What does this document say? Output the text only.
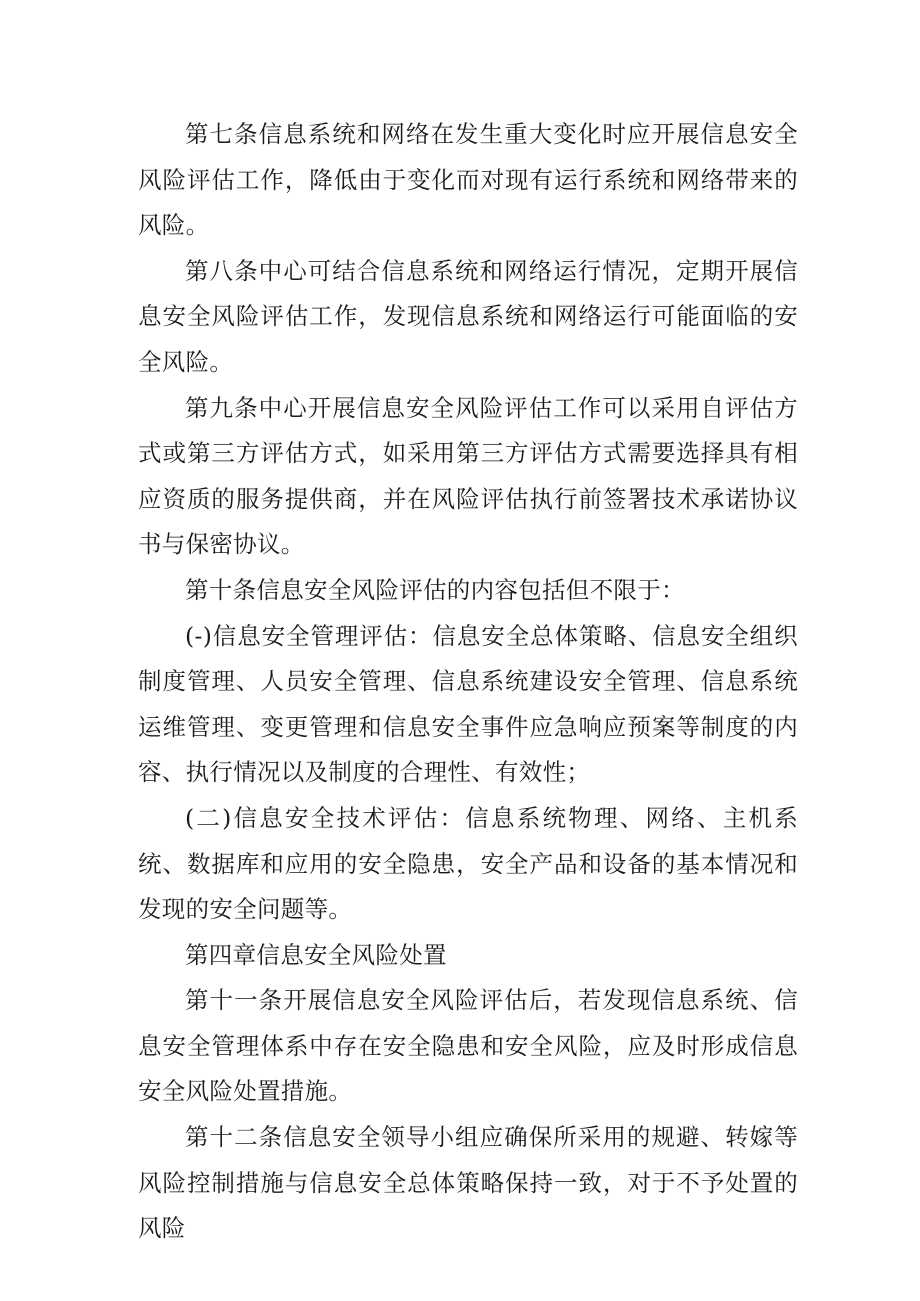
第七条信息系统和网络在发生重大变化时应开展信息安全风险评估工作，降低由于变化而对现有运行系统和网络带来的风险。

第八条中心可结合信息系统和网络运行情况，定期开展信息安全风险评估工作，发现信息系统和网络运行可能面临的安全风险。

第九条中心开展信息安全风险评估工作可以采用自评估方式或第三方评估方式，如采用第三方评估方式需要选择具有相应资质的服务提供商，并在风险评估执行前签署技术承诺协议书与保密协议。

第十条信息安全风险评估的内容包括但不限于：

(-)信息安全管理评估：信息安全总体策略、信息安全组织制度管理、人员安全管理、信息系统建设安全管理、信息系统运维管理、变更管理和信息安全事件应急响应预案等制度的内容、执行情况以及制度的合理性、有效性；

(二)信息安全技术评估：信息系统物理、网络、主机系统、数据库和应用的安全隐患，安全产品和设备的基本情况和发现的安全问题等。

第四章信息安全风险处置

第十一条开展信息安全风险评估后，若发现信息系统、信息安全管理体系中存在安全隐患和安全风险，应及时形成信息安全风险处置措施。

第十二条信息安全领导小组应确保所采用的规避、转嫁等风险控制措施与信息安全总体策略保持一致，对于不予处置的风险
